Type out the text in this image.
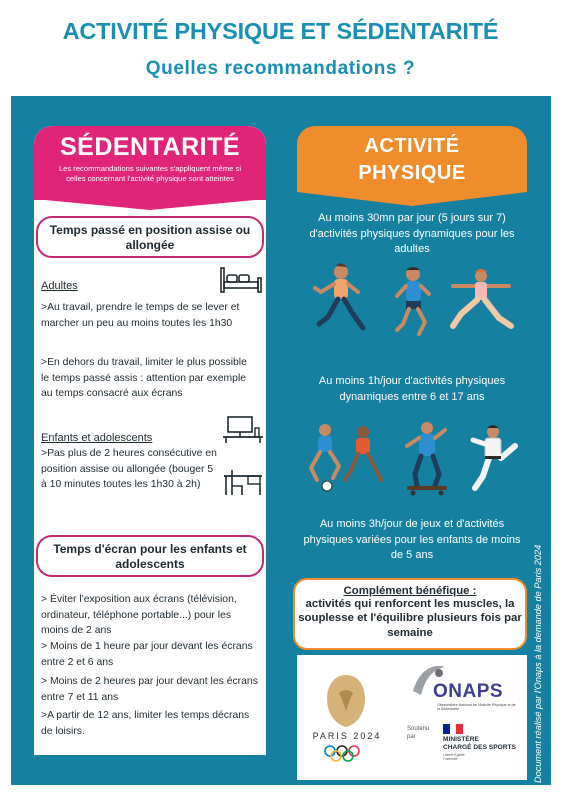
ACTIVITÉ PHYSIQUE ET SÉDENTARITÉ
Quelles recommandations ?
Document réalisé par l'Onaps à la demande de Paris 2024
SÉDENTARITÉ

Les recommandations suivantes s'appliquent même si celles concernant l'activité physique sont atteintes

Temps passé en position assise ou allongée
Adultes
>Au travail, prendre le temps de se lever et marcher un peu au moins toutes les 1h30
>En dehors du travail, limiter le plus possible le temps passé assis : attention par exemple au temps consacré aux écrans
Enfants et adolescents
>Pas plus de 2 heures consécutive en position assise ou allongée (bouger 5 à 10 minutes toutes les 1h30 à 2h)
Temps d'écran pour les enfants et adolescents
> Éviter l'exposition aux écrans (télévision, ordinateur, téléphone portable...) pour les moins de 2 ans
> Moins de 1 heure par jour devant les écrans entre 2 et 6 ans
> Moins de 2 heures par jour devant les écrans entre 7 et 11 ans
>A partir de 12 ans, limiter les temps décrans de loisirs.
ACTIVITÉ
PHYSIQUE
Au moins 30mn par jour (5 jours sur 7) d'activités physiques dynamiques pour les adultes
Au moins 1h/jour d'activités physiques dynamiques entre 6 et 17 ans
Au moins 3h/jour de jeux et d'activités physiques variées pour les enfants de moins de 5 ans
Complément bénéfique :
activités qui renforcent les muscles, la souplesse et l'équilibre plusieurs fois par semaine
PARIS 2024
ONAPS
Observatoire National de l'Activité Physique et de la Sédentarité
Soutenu par	MINISTÈRE
CHARGÉ DES SPORTS
Liberté Égalité Fraternité
